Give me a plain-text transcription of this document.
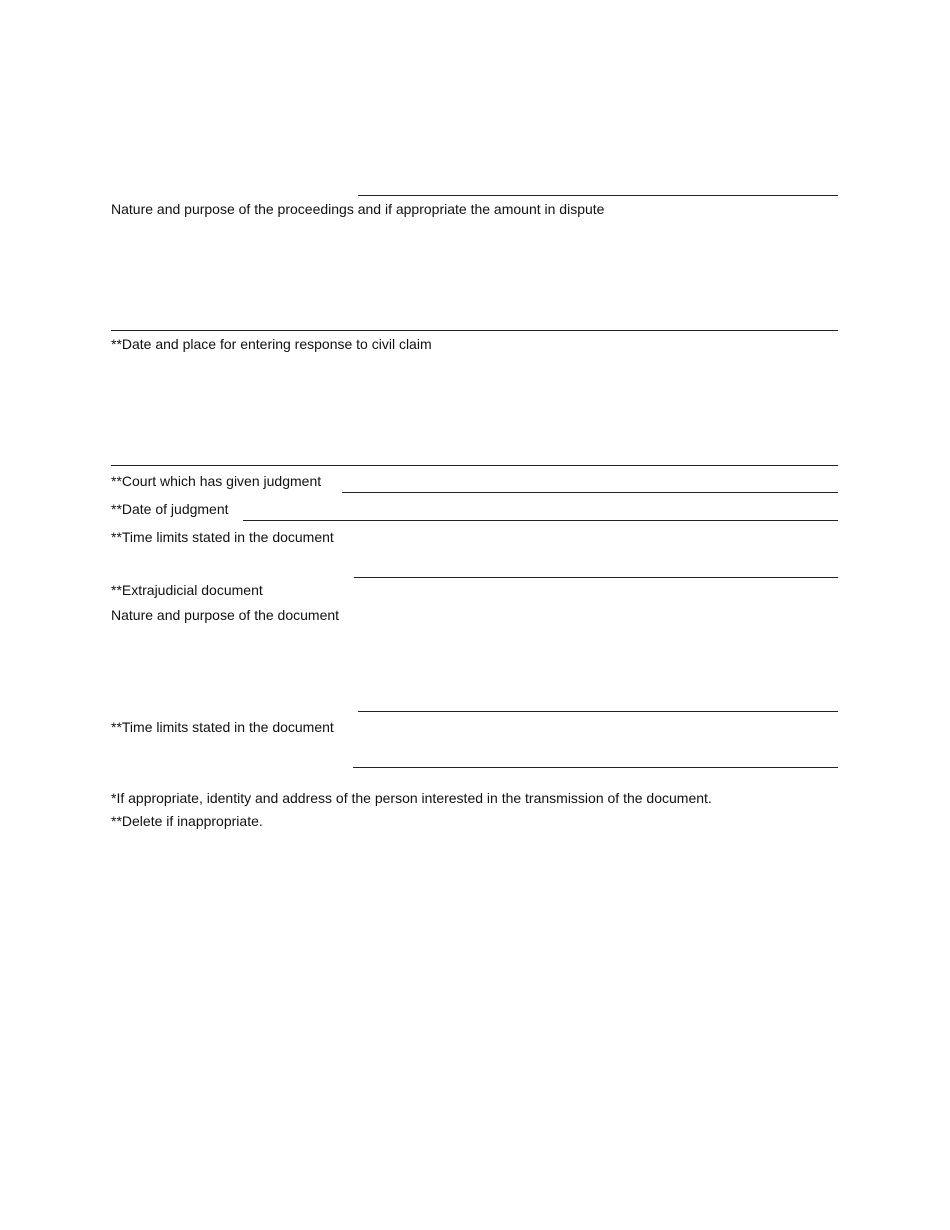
Nature and purpose of the proceedings and if appropriate the amount in dispute
**Date and place for entering response to civil claim
**Court which has given judgment
**Date of judgment
**Time limits stated in the document
**Extrajudicial document
Nature and purpose of the document
**Time limits stated in the document
*If appropriate, identity and address of the person interested in the transmission of the document.
**Delete if inappropriate.
